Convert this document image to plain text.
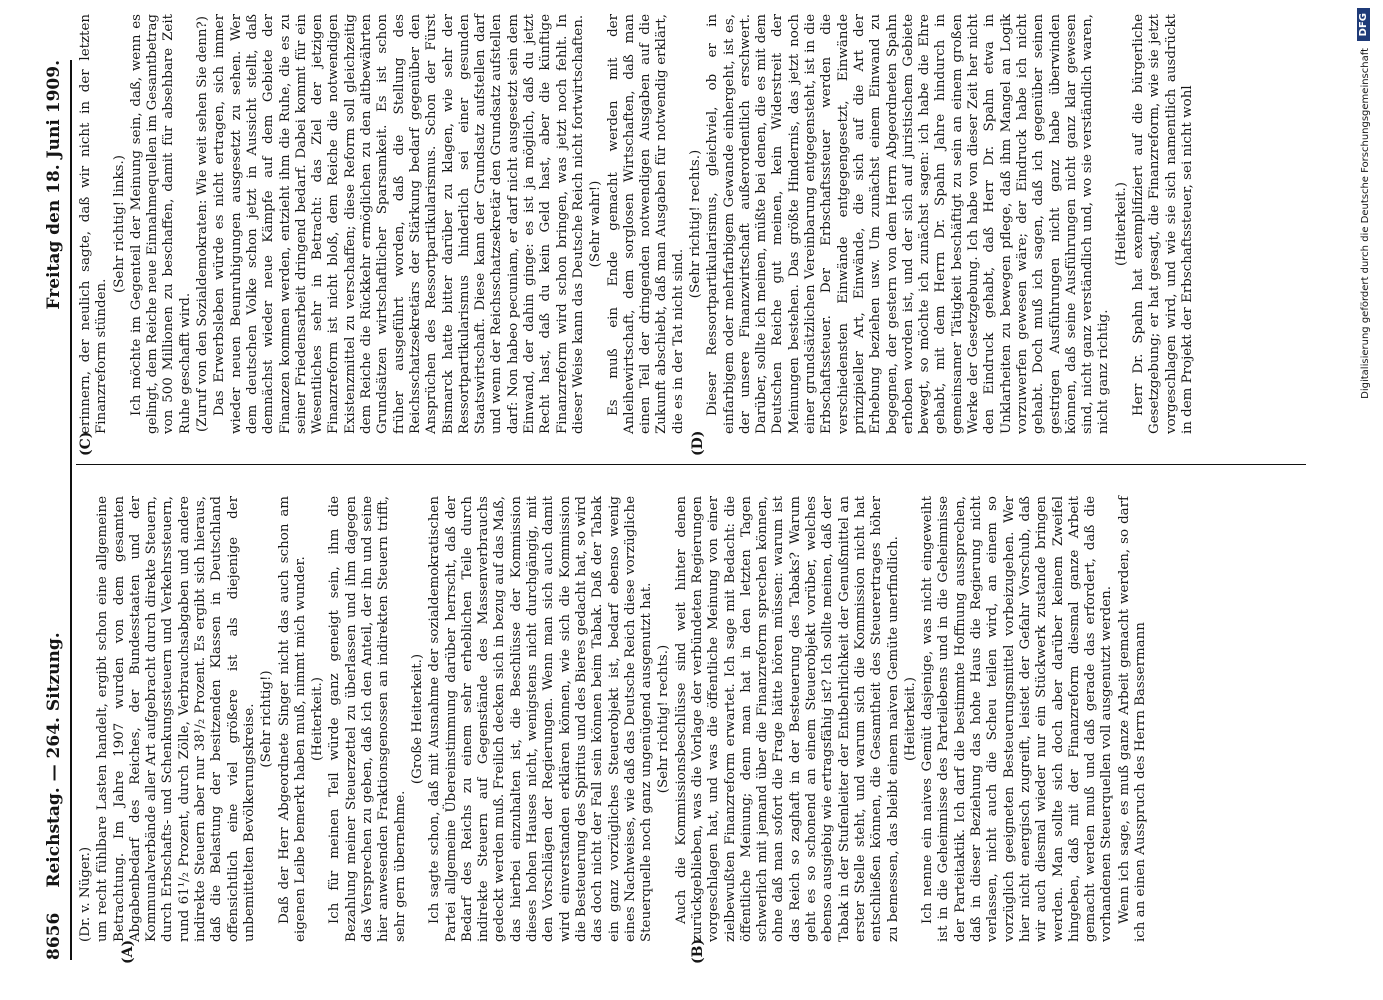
8656
Reichstag. — 264. Sitzung.
Freitag den 18. Juni 1909.
(A)	(B)

(Dr. v. Nüger.) um recht fühlbare Lasten handelt, ergibt schon eine allgemeine Betrachtung. Im Jahre 1907 wurden von dem gesamten Abgabenbedarf des Reiches, der Bundesstaaten und der Kommunalverbände aller Art aufgebracht durch direkte Steuern, durch Erbschafts- und Schenkungssteuern und Verkehrssteuern, rund 61¹/₂ Prozent, durch Zölle, Verbrauchsabgaben und andere indirekte Steuern aber nur 38¹/₂ Prozent. Es ergibt sich hieraus, daß die Belastung der besitzenden Klassen in Deutschland offensichtlich eine viel größere ist als diejenige der unbemittelten Bevölkerungskreise. (Sehr richtig!) Daß der Herr Abgeordnete Singer nicht das auch schon am eigenen Leibe bemerkt haben muß, nimmt mich wunder. (Heiterkeit.) Ich für meinen Teil würde ganz geneigt sein, ihm die Bezahlung meiner Steuerzettel zu überlassen und ihm dagegen das Versprechen zu geben, daß ich den Anteil, der ihn und seine hier anwesenden Fraktionsgenossen an indirekten Steuern trifft, sehr gern übernehme.

(Große Heiterkeit.) Ich sagte schon, daß mit Ausnahme der sozialdemokratischen Partei allgemeine Übereinstimmung darüber herrscht, daß der Bedarf des Reichs zu einem sehr erheblichen Teile durch indirekte Steuern auf Gegenstände des Massenverbrauchs gedeckt werden muß. Freilich decken sich in bezug auf das Maß, das hierbei einzuhalten ist, die Beschlüsse der Kommission dieses hohen Hauses nicht, wenigstens nicht durchgängig, mit den Vorschlägen der Regierungen. Wenn man sich auch damit wird einverstanden erklären können, wie sich die Kommission die Besteuerung des Spiritus und des Bieres gedacht hat, so wird das doch nicht der Fall sein können beim Tabak. Daß der Tabak ein ganz vorzügliches Steuerobjekt ist, bedarf ebenso wenig eines Nachweises, wie daß das Deutsche Reich diese vorzügliche Steuerquelle noch ganz ungenügend ausgenutzt hat. (Sehr richtig! rechts.) Auch die Kommissionsbeschlüsse sind weit hinter denen zurückgeblieben, was die Vorlage der verbündeten Regierungen vorgeschlagen hat, und was die öffentliche Meinung von einer zielbewußten Finanzreform erwartet. Ich sage mit Bedacht: die öffentliche Meinung; denn man hat in den letzten Tagen schwerlich mit jemand über die Finanzreform sprechen können, ohne daß man sofort die Frage hätte hören müssen: warum ist das Reich so zaghaft in der Besteuerung des Tabaks? Warum geht es so schonend an einem Steuerobjekt vorüber, welches ebenso ausgiebig wie ertragsfähig ist? Ich sollte meinen, daß der Tabak in der Stufenleiter der Entbehrlichkeit der Genußmittel an erster Stelle steht, und warum sich die Kommission nicht hat entschließen können, die Gesamtheit des Steuerertrages höher zu bemessen, das bleibt einem naiven Gemüte unerfindlich. (Heiterkeit.) Ich nenne ein naives Gemüt dasjenige, was nicht eingeweiht ist in die Geheimnisse des Parteilebens und in die Geheimnisse der Parteitaktik. Ich darf die bestimmte Hoffnung aussprechen, daß in dieser Beziehung das hohe Haus die Regierung nicht verlassen, nicht auch die Scheu teilen wird, an einem so vorzüglich geeigneten Besteuerungsmittel vorbeizugehen. Wer hier nicht energisch zugreift, leistet der Gefahr Vorschub, daß wir auch diesmal wieder nur ein Stückwerk zustande bringen werden. Man sollte sich doch aber darüber keinem Zweifel hingeben, daß mit der Finanzreform diesmal ganze Arbeit gemacht werden muß und daß gerade das erfordert, daß die vorhandenen Steuerquellen voll ausgenutzt werden. Wenn ich sage, es muß ganze Arbeit gemacht werden, so darf ich an einen Ausspruch des Herrn Bassermann

(C)	(D)

erinnern, der neulich sagte, daß wir nicht in der letzten Finanzreform stünden.

(Sehr richtig! links.) Ich möchte im Gegenteil der Meinung sein, daß, wenn es gelingt, dem Reiche neue Einnahmequellen im Gesamtbetrag von 500 Millionen zu beschaffen, damit für absehbare Zeit Ruhe geschafft wird. (Zuruf von den Sozialdemokraten: Wie weit sehen Sie denn?) Das Erwerbsleben würde es nicht ertragen, sich immer wieder neuen Beunruhigungen ausgesetzt zu sehen. Wer dem deutschen Volke schon jetzt in Aussicht stellt, daß demnächst wieder neue Kämpfe auf dem Gebiete der Finanzen kommen werden, entzieht ihm die Ruhe, die es zu seiner Friedensarbeit dringend bedarf. Dabei kommt für ein Wesentliches sehr in Betracht: das Ziel der jetzigen Finanzreform ist nicht bloß, dem Reiche die notwendigen Existenzmittel zu verschaffen; diese Reform soll gleichzeitig dem Reiche die Rückkehr ermöglichen zu den altbewährten Grundsätzen wirtschaftlicher Sparsamkeit. Es ist schon früher ausgeführt worden, daß die Stellung des Reichsschatzsekretärs der Stärkung bedarf gegenüber den Ansprüchen des Ressortpartikularismus. Schon der Fürst Bismarck hatte bitter darüber zu klagen, wie sehr der Ressortpartikularismus hinderlich sei einer gesunden Staatswirtschaft. Diese kann der Grundsatz aufstellen darf und wenn der Reichsschatzsekretär den Grundsatz aufstellen darf: Non habeo pecuniam, er darf nicht ausgesetzt sein dem Einwand, der dahin ginge: es ist ja möglich, daß du jetzt Recht hast, daß du kein Geld hast, aber die künftige Finanzreform wird schon bringen, was jetzt noch fehlt. In dieser Weise kann das Deutsche Reich nicht fortwirtschaften. (Sehr wahr!) Es muß ein Ende gemacht werden mit der Anleihewirtschaft, dem sorglosen Wirtschaften, daß man einen Teil der dringenden notwendigen Ausgaben auf die Zukunft abschiebt, daß man Ausgaben für notwendig erklärt, die es in der Tat nicht sind.

(Sehr richtig! rechts.) Dieser Ressortpartikularismus, gleichviel, ob er in einfarbigem oder mehrfarbigem Gewande einhergeht, ist es, der unsere Finanzwirtschaft außerordentlich erschwert. Darüber, sollte ich meinen, müßte bei denen, die es mit dem Deutschen Reiche gut meinen, kein Widerstreit der Meinungen bestehen. Das größte Hindernis, das jetzt noch einer grundsätzlichen Vereinbarung entgegensteht, ist in die Erbschaftssteuer. Der Erbschaftssteuer werden die verschiedensten Einwände entgegengesetzt, Einwände prinzipieller Art, Einwände, die sich auf die Art der Erhebung beziehen usw. Um zunächst einem Einwand zu begegnen, der gestern von dem Herrn Abgeordneten Spahn erhoben worden ist, und der sich auf juristischem Gebiete bewegt, so möchte ich zunächst sagen: ich habe die Ehre gehabt, mit dem Herrn Dr. Spahn Jahre hindurch in gemeinsamer Tätigkeit beschäftigt zu sein an einem großen Werke der Gesetzgebung. Ich habe von dieser Zeit her nicht den Eindruck gehabt, daß Herr Dr. Spahn etwa in Unklarheiten zu bewegen pflege, daß ihm Mangel an Logik vorzuwerfen gewesen wäre; der Eindruck habe ich nicht gehabt. Doch muß ich sagen, daß ich gegenüber seinen gestrigen Ausführungen nicht ganz habe überwinden können, daß seine Ausführungen nicht ganz klar gewesen sind, nicht ganz verständlich und, wo sie verständlich waren, nicht ganz richtig.

(Heiterkeit.) Herr Dr. Spahn hat exemplifiziert auf die bürgerliche Gesetzgebung; er hat gesagt, die Finanzreform, wie sie jetzt vorgeschlagen wird, und wie sie sich namentlich ausdrückt in dem Projekt der Erbschaftssteuer, sei nicht wohl	Digitalisierung gefördert durch die Deutsche Forschungsgemeinschaft
DFG
